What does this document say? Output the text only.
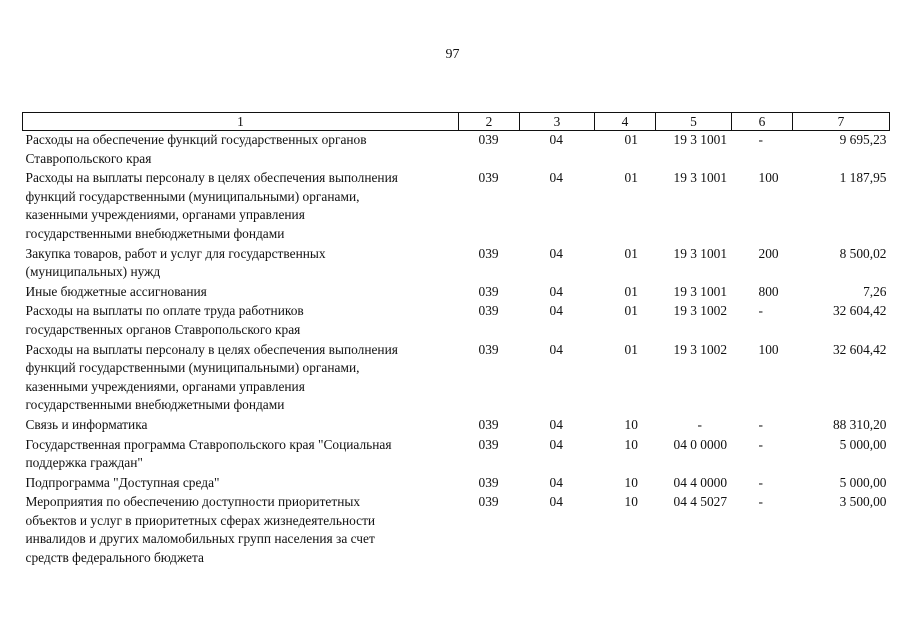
97
1	2	3	4	5	6	7

Расходы на обеспечение функций государственных органов
Ставропольского края	039	04	01	19 3 1001	-	9 695,23

Расходы на выплаты персоналу в целях обеспечения выполнения
функций государственными (муниципальными) органами,
казенными учреждениями, органами управления
государственными внебюджетными фондами	039	04	01	19 3 1001	100	1 187,95

Закупка товаров, работ и услуг для государственных
(муниципальных) нужд	039	04	01	19 3 1001	200	8 500,02

Иные бюджетные ассигнования	039	04	01	19 3 1001	800	7,26

Расходы на выплаты по оплате труда работников
государственных органов Ставропольского края	039	04	01	19 3 1002	-	32 604,42

Расходы на выплаты персоналу в целях обеспечения выполнения
функций государственными (муниципальными) органами,
казенными учреждениями, органами управления
государственными внебюджетными фондами	039	04	01	19 3 1002	100	32 604,42

Связь и информатика	039	04	10	-	-	88 310,20

Государственная программа Ставропольского края "Социальная
поддержка граждан"	039	04	10	04 0 0000	-	5 000,00

Подпрограмма "Доступная среда"	039	04	10	04 4 0000	-	5 000,00

Мероприятия по обеспечению доступности приоритетных
объектов и услуг в приоритетных сферах жизнедеятельности
инвалидов и других маломобильных групп населения за счет
средств федерального бюджета	039	04	10	04 4 5027	-	3 500,00
